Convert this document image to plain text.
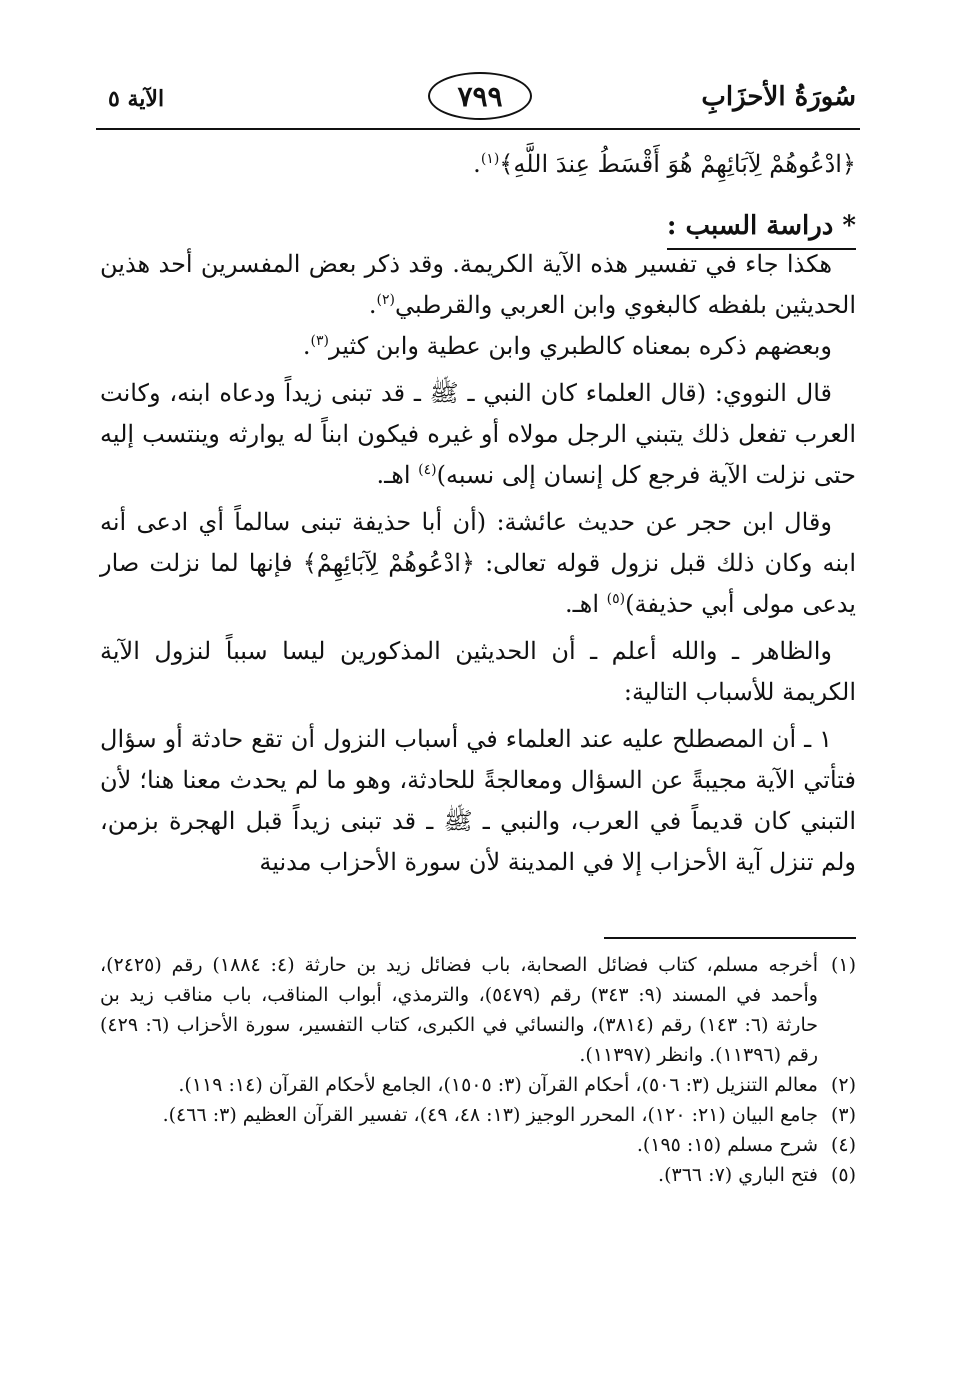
سُورَةُ الأحزَابِ
٧٩٩
الآية ٥

﴿ادْعُوهُمْ لِآبَائِهِمْ هُوَ أَقْسَطُ عِندَ اللَّهِ﴾$^{(١)}$.

* دراسة السبب :

 هكذا جاء في تفسير هذه الآية الكريمة. وقد ذكر بعض المفسرين أحد هذين الحديثين بلفظه كالبغوي وابن العربي والقرطبي$^{(٢)}$.

 وبعضهم ذكره بمعناه كالطبري وابن عطية وابن كثير$^{(٣)}$.

 قال النووي: (قال العلماء كان النبي ـ ﷺ ـ قد تبنى زيداً ودعاه ابنه، وكانت العرب تفعل ذلك يتبني الرجل مولاه أو غيره فيكون ابناً له يوارثه وينتسب إليه حتى نزلت الآية فرجع كل إنسان إلى نسبه)$^{(٤)}$ اهـ.

 وقال ابن حجر عن حديث عائشة: (أن أبا حذيفة تبنى سالماً أي ادعى أنه ابنه وكان ذلك قبل نزول قوله تعالى: ﴿ادْعُوهُمْ لِآبَائِهِمْ﴾ فإنها لما نزلت صار يدعى مولى أبي حذيفة)$^{(٥)}$ اهـ.

 والظاهر ـ والله أعلم ـ أن الحديثين المذكورين ليسا سبباً لنزول الآية الكريمة للأسباب التالية:

 ١ ـ أن المصطلح عليه عند العلماء في أسباب النزول أن تقع حادثة أو سؤال فتأتي الآية مجيبةً عن السؤال ومعالجةً للحادثة، وهو ما لم يحدث معنا هنا؛ لأن التبني كان قديماً في العرب، والنبي ـ ﷺ ـ قد تبنى زيداً قبل الهجرة بزمن، ولم تنزل آية الأحزاب إلا في المدينة لأن سورة الأحزاب مدنية

(١)
أخرجه مسلم، كتاب فضائل الصحابة، باب فضائل زيد بن حارثة (٤: ١٨٨٤) رقم (٢٤٢٥)، وأحمد في المسند (٩: ٣٤٣) رقم (٥٤٧٩)، والترمذي، أبواب المناقب، باب مناقب زيد بن حارثة (٦: ١٤٣) رقم (٣٨١٤)، والنسائي في الكبرى، كتاب التفسير، سورة الأحزاب (٦: ٤٢٩) رقم (١١٣٩٦). وانظر (١١٣٩٧).

(٢)
معالم التنزيل (٣: ٥٠٦)، أحكام القرآن (٣: ١٥٠٥)، الجامع لأحكام القرآن (١٤: ١١٩).

(٣)
جامع البيان (٢١: ١٢٠)، المحرر الوجيز (١٣: ٤٨، ٤٩)، تفسير القرآن العظيم (٣: ٤٦٦).

(٤)
شرح مسلم (١٥: ١٩٥).

(٥)
فتح الباري (٧: ٣٦٦).
